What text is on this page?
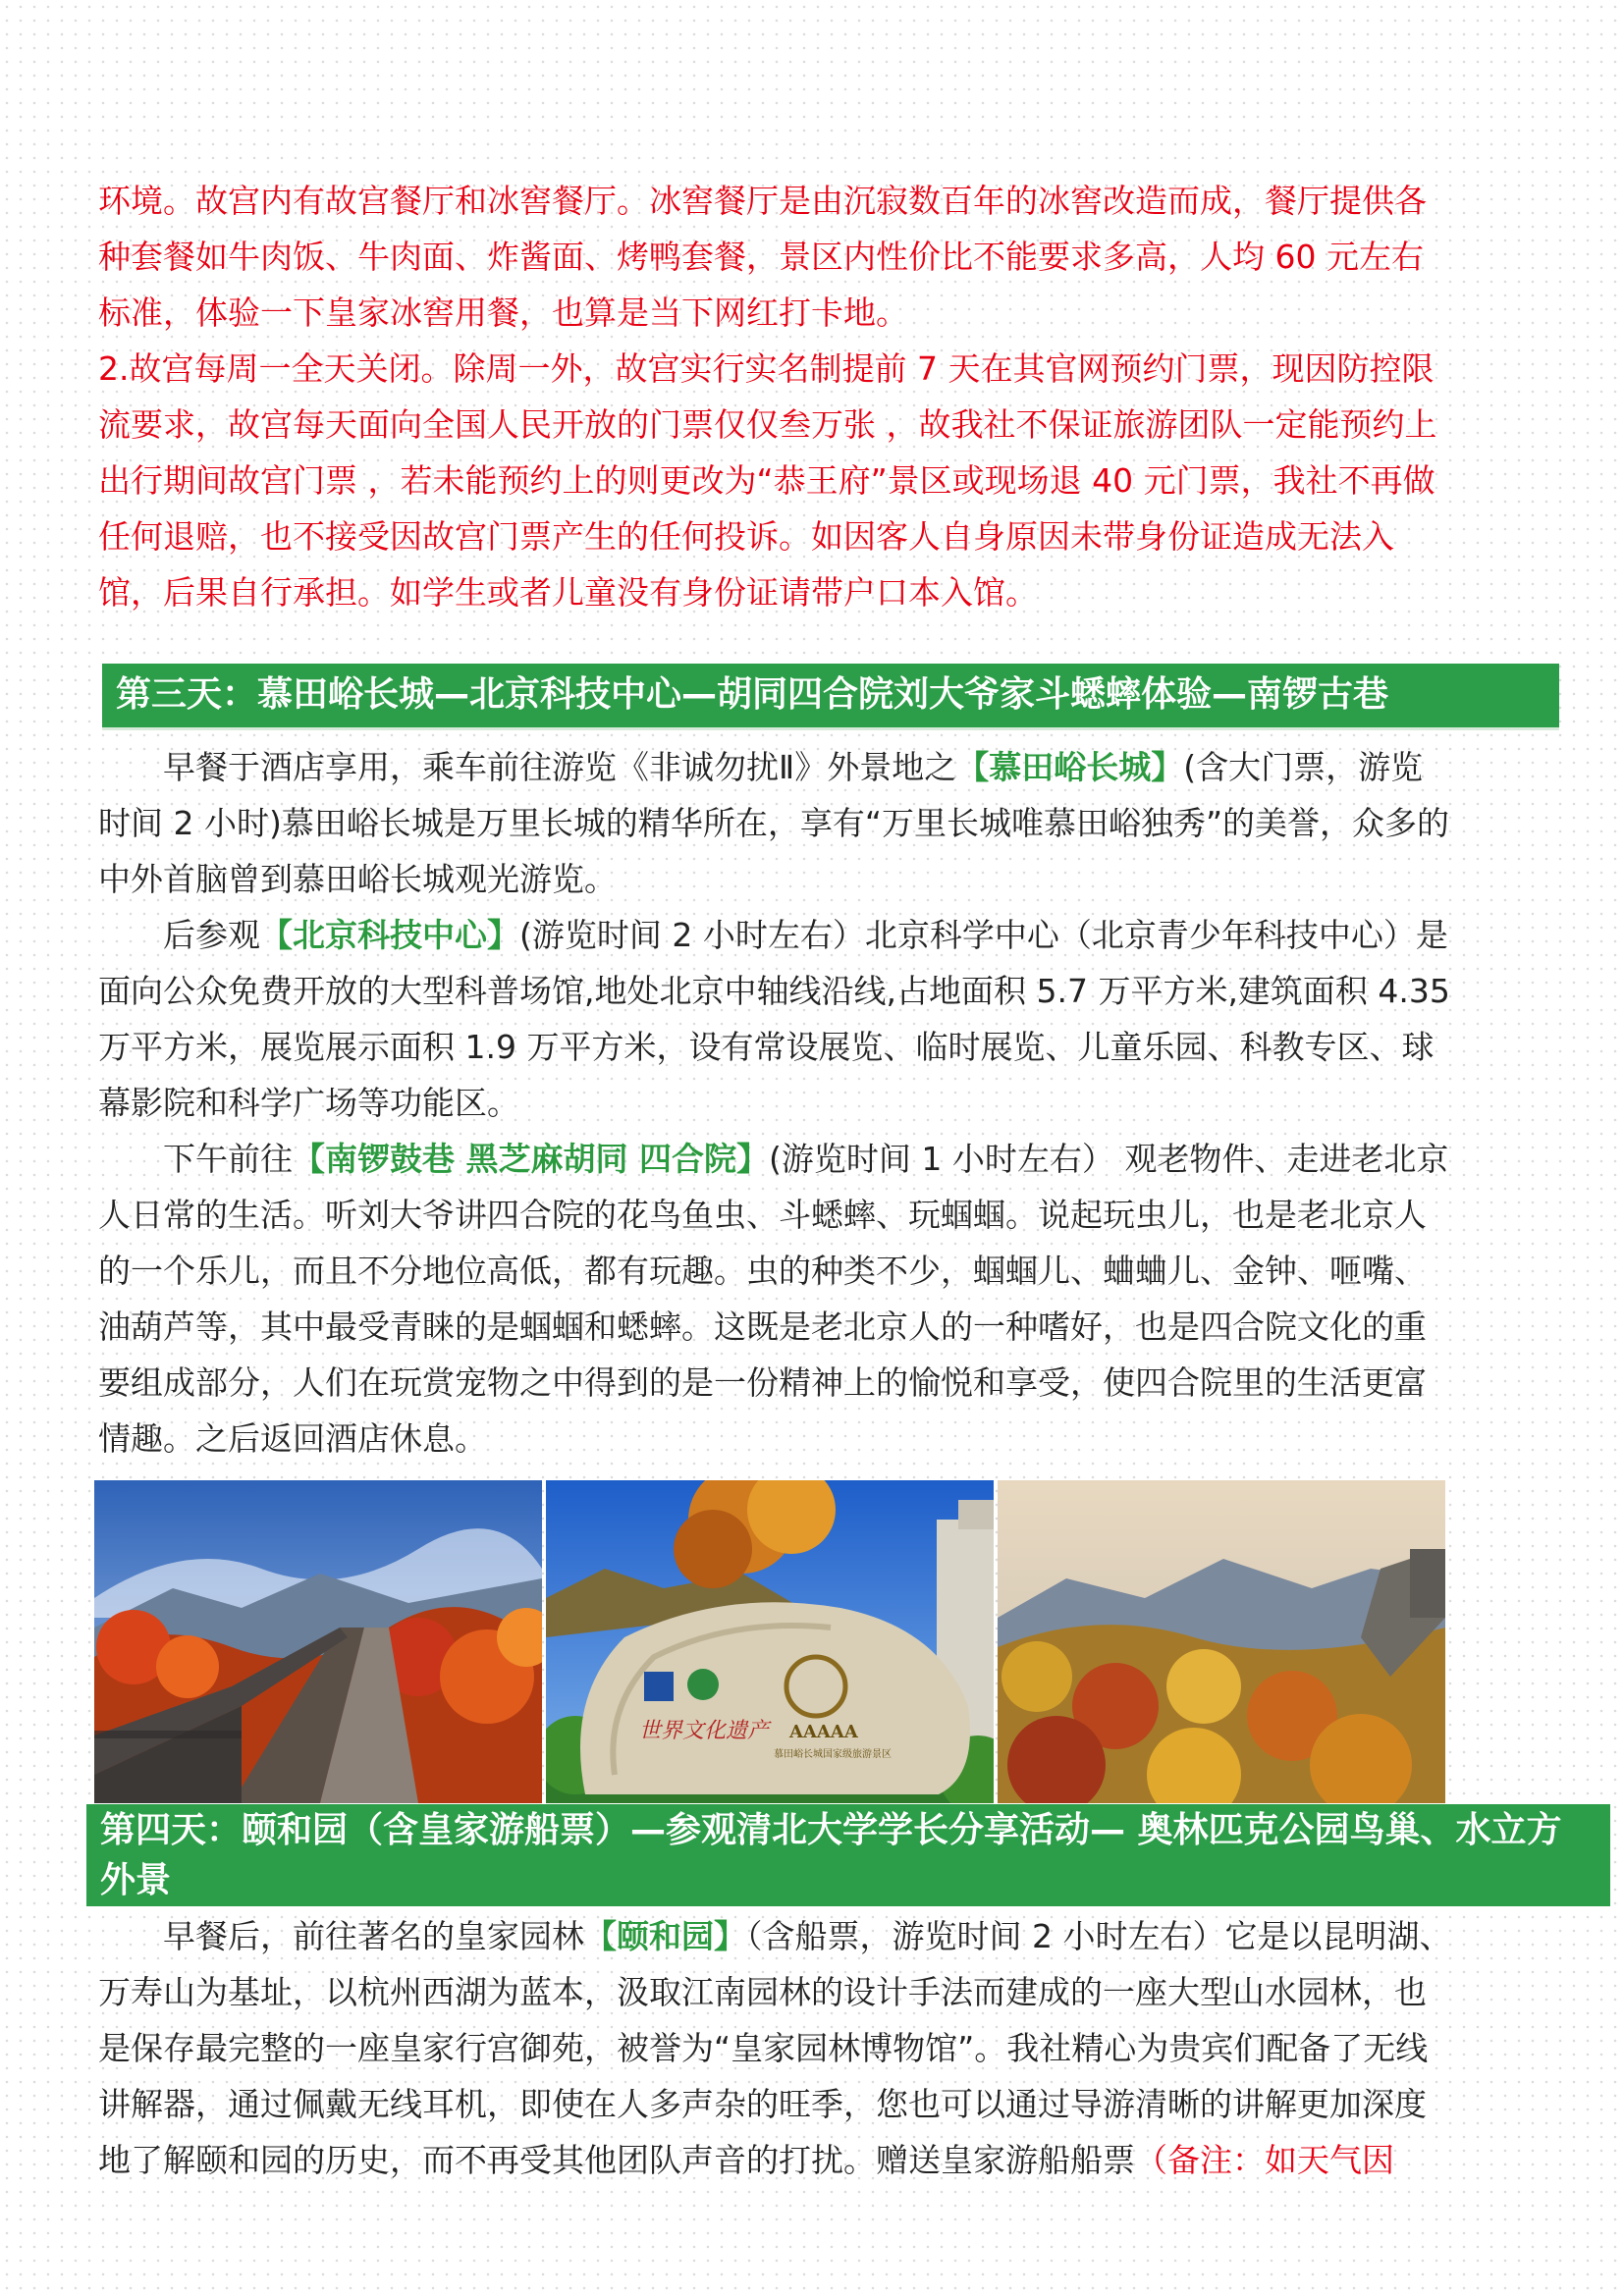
环境。故宫内有故宫餐厅和冰窖餐厅。冰窖餐厅是由沉寂数百年的冰窖改造而成，餐厅提供各种套餐如牛肉饭、牛肉面、炸酱面、烤鸭套餐，景区内性价比不能要求多高，人均 60 元左右标准，体验一下皇家冰窖用餐，也算是当下网红打卡地。

2.故宫每周一全天关闭。除周一外，故宫实行实名制提前 7 天在其官网预约门票，现因防控限流要求，故宫每天面向全国人民开放的门票仅仅叁万张 ，故我社不保证旅游团队一定能预约上出行期间故宫门票 ，若未能预约上的则更改为“恭王府”景区或现场退 40 元门票，我社不再做任何退赔，也不接受因故宫门票产生的任何投诉。如因客人自身原因未带身份证造成无法入馆，后果自行承担。如学生或者儿童没有身份证请带户口本入馆。

第三天：慕田峪长城—北京科技中心—胡同四合院刘大爷家斗蟋蟀体验—南锣古巷

早餐于酒店享用，乘车前往游览《非诚勿扰Ⅱ》外景地之【慕田峪长城】(含大门票，游览时间 2 小时)慕田峪长城是万里长城的精华所在，享有“万里长城唯慕田峪独秀”的美誉，众多的中外首脑曾到慕田峪长城观光游览。

后参观【北京科技中心】(游览时间 2 小时左右）北京科学中心（北京青少年科技中心）是面向公众免费开放的大型科普场馆,地处北京中轴线沿线,占地面积 5.7 万平方米,建筑面积 4.35 万平方米，展览展示面积 1.9 万平方米，设有常设展览、临时展览、儿童乐园、科教专区、球幕影院和科学广场等功能区。

下午前往【南锣鼓巷 黑芝麻胡同 四合院】(游览时间 1 小时左右） 观老物件、走进老北京人日常的生活。听刘大爷讲四合院的花鸟鱼虫、斗蟋蟀、玩蝈蝈。说起玩虫儿，也是老北京人的一个乐儿，而且不分地位高低，都有玩趣。虫的种类不少，蝈蝈儿、蛐蛐儿、金钟、咂嘴、油葫芦等，其中最受青睐的是蝈蝈和蟋蟀。这既是老北京人的一种嗜好，也是四合院文化的重要组成部分，人们在玩赏宠物之中得到的是一份精神上的愉悦和享受，使四合院里的生活更富情趣。之后返回酒店休息。

世界文化遗产 AAAAA
慕田峪长城国家级旅游景区
第四天：颐和园（含皇家游船票）—参观清北大学学长分享活动— 奥林匹克公园鸟巢、水立方外景

早餐后，前往著名的皇家园林【颐和园】（含船票，游览时间 2 小时左右）它是以昆明湖、万寿山为基址，以杭州西湖为蓝本，汲取江南园林的设计手法而建成的一座大型山水园林，也是保存最完整的一座皇家行宫御苑，被誉为“皇家园林博物馆”。我社精心为贵宾们配备了无线讲解器，通过佩戴无线耳机，即使在人多声杂的旺季，您也可以通过导游清晰的讲解更加深度地了解颐和园的历史，而不再受其他团队声音的打扰。赠送皇家游船船票（备注：如天气因
